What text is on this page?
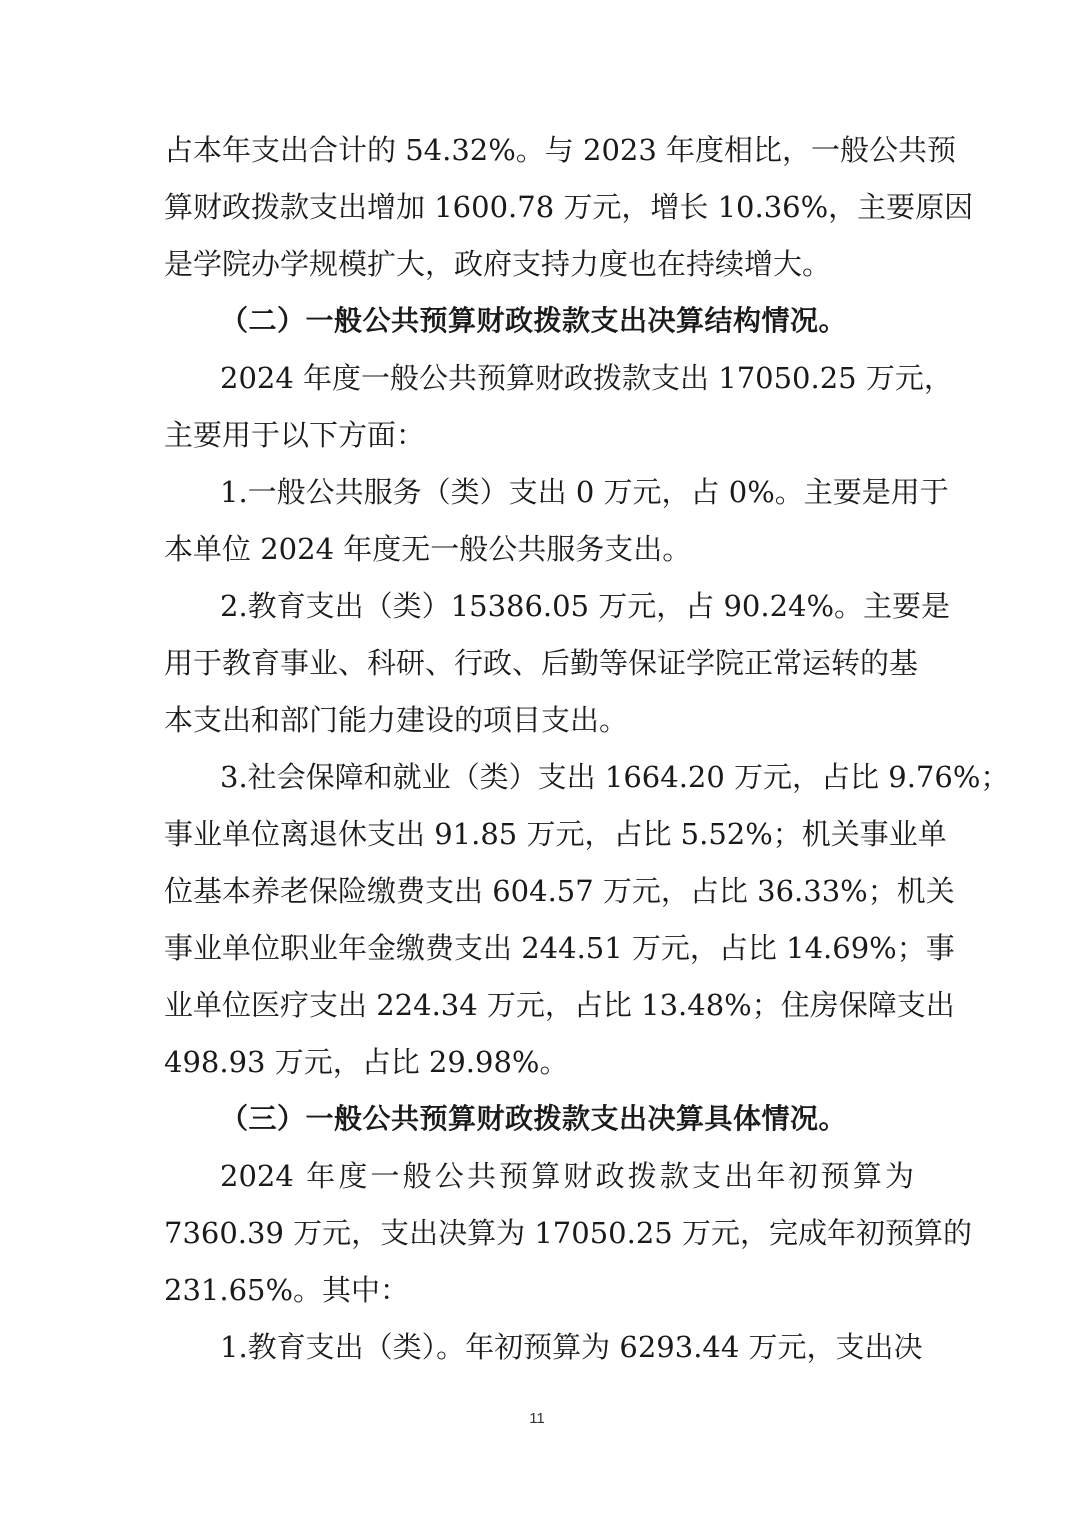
占本年支出合计的 54.32%。与 2023 年度相比，一般公共预
算财政拨款支出增加 1600.78 万元，增长 10.36%，主要原因
是学院办学规模扩大，政府支持力度也在持续增大。
（二）一般公共预算财政拨款支出决算结构情况。
2024 年度一般公共预算财政拨款支出 17050.25 万元，
主要用于以下方面：
1.一般公共服务（类）支出 0 万元，占 0%。主要是用于
本单位 2024 年度无一般公共服务支出。
2.教育支出（类）15386.05 万元，占 90.24%。主要是
用于教育事业、科研、行政、后勤等保证学院正常运转的基
本支出和部门能力建设的项目支出。
3.社会保障和就业（类）支出 1664.20 万元，占比 9.76%；
事业单位离退休支出 91.85 万元，占比 5.52%；机关事业单
位基本养老保险缴费支出 604.57 万元，占比 36.33%；机关
事业单位职业年金缴费支出 244.51 万元，占比 14.69%；事
业单位医疗支出 224.34 万元，占比 13.48%；住房保障支出
498.93 万元，占比 29.98%。
（三）一般公共预算财政拨款支出决算具体情况。
2024 年度一般公共预算财政拨款支出年初预算为
7360.39 万元，支出决算为 17050.25 万元，完成年初预算的
231.65%。其中：
1.教育支出（类）。年初预算为 6293.44 万元，支出决
11
